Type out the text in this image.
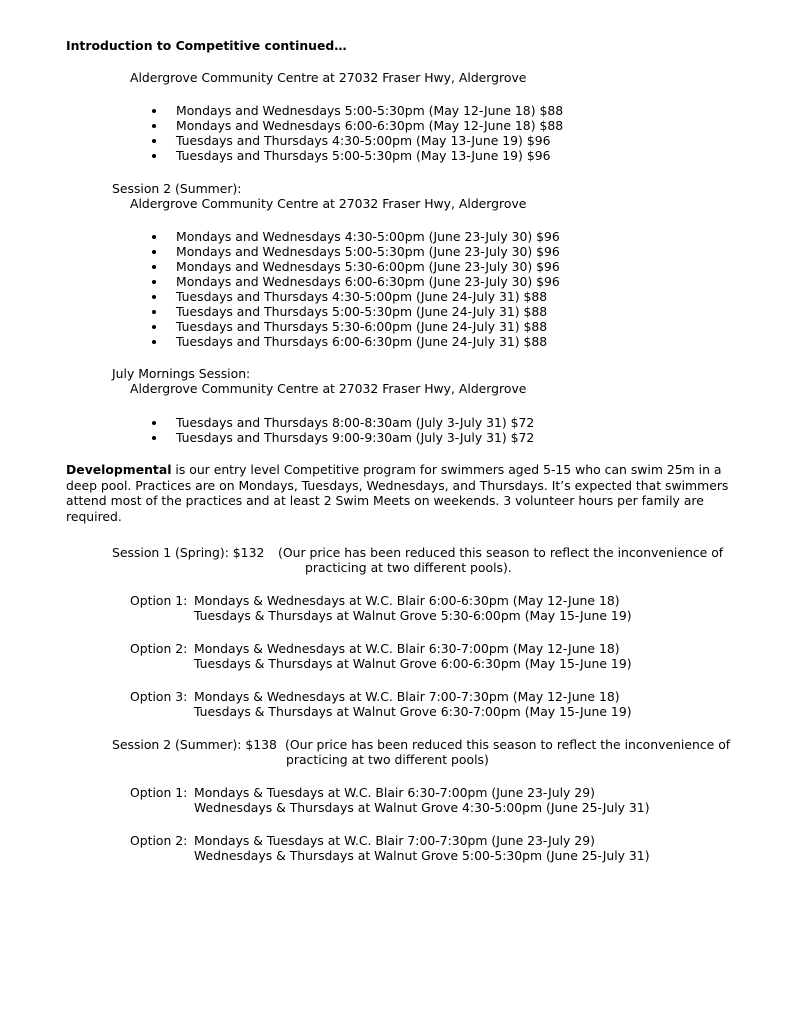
Introduction to Competitive continued…
Aldergrove Community Centre at 27032 Fraser Hwy, Aldergrove
Mondays and Wednesdays 5:00-5:30pm (May 12-June 18) $88
Mondays and Wednesdays 6:00-6:30pm (May 12-June 18) $88
Tuesdays and Thursdays 4:30-5:00pm (May 13-June 19) $96
Tuesdays and Thursdays 5:00-5:30pm (May 13-June 19) $96
Session 2 (Summer):
Aldergrove Community Centre at 27032 Fraser Hwy, Aldergrove
Mondays and Wednesdays 4:30-5:00pm (June 23-July 30) $96
Mondays and Wednesdays 5:00-5:30pm (June 23-July 30) $96
Mondays and Wednesdays 5:30-6:00pm (June 23-July 30) $96
Mondays and Wednesdays 6:00-6:30pm (June 23-July 30) $96
Tuesdays and Thursdays 4:30-5:00pm (June 24-July 31) $88
Tuesdays and Thursdays 5:00-5:30pm (June 24-July 31) $88
Tuesdays and Thursdays 5:30-6:00pm (June 24-July 31) $88
Tuesdays and Thursdays 6:00-6:30pm (June 24-July 31) $88
July Mornings Session:
Aldergrove Community Centre at 27032 Fraser Hwy, Aldergrove
Tuesdays and Thursdays 8:00-8:30am (July 3-July 31) $72
Tuesdays and Thursdays 9:00-9:30am (July 3-July 31) $72
Developmental is our entry level Competitive program for swimmers aged 5-15 who can swim 25m in a deep pool. Practices are on Mondays, Tuesdays, Wednesdays, and Thursdays. It’s expected that swimmers attend most of the practices and at least 2 Swim Meets on weekends. 3 volunteer hours per family are required.
Session 1 (Spring): $132 (Our price has been reduced this season to reflect the inconvenience of
practicing at two different pools).
Option 1: Mondays & Wednesdays at W.C. Blair 6:00-6:30pm (May 12-June 18)
Tuesdays & Thursdays at Walnut Grove 5:30-6:00pm (May 15-June 19)
Option 2: Mondays & Wednesdays at W.C. Blair 6:30-7:00pm (May 12-June 18)
Tuesdays & Thursdays at Walnut Grove 6:00-6:30pm (May 15-June 19)
Option 3: Mondays & Wednesdays at W.C. Blair 7:00-7:30pm (May 12-June 18)
Tuesdays & Thursdays at Walnut Grove 6:30-7:00pm (May 15-June 19)
Session 2 (Summer): $138 (Our price has been reduced this season to reflect the inconvenience of
practicing at two different pools)
Option 1: Mondays & Tuesdays at W.C. Blair 6:30-7:00pm (June 23-July 29)
Wednesdays & Thursdays at Walnut Grove 4:30-5:00pm (June 25-July 31)
Option 2: Mondays & Tuesdays at W.C. Blair 7:00-7:30pm (June 23-July 29)
Wednesdays & Thursdays at Walnut Grove 5:00-5:30pm (June 25-July 31)
